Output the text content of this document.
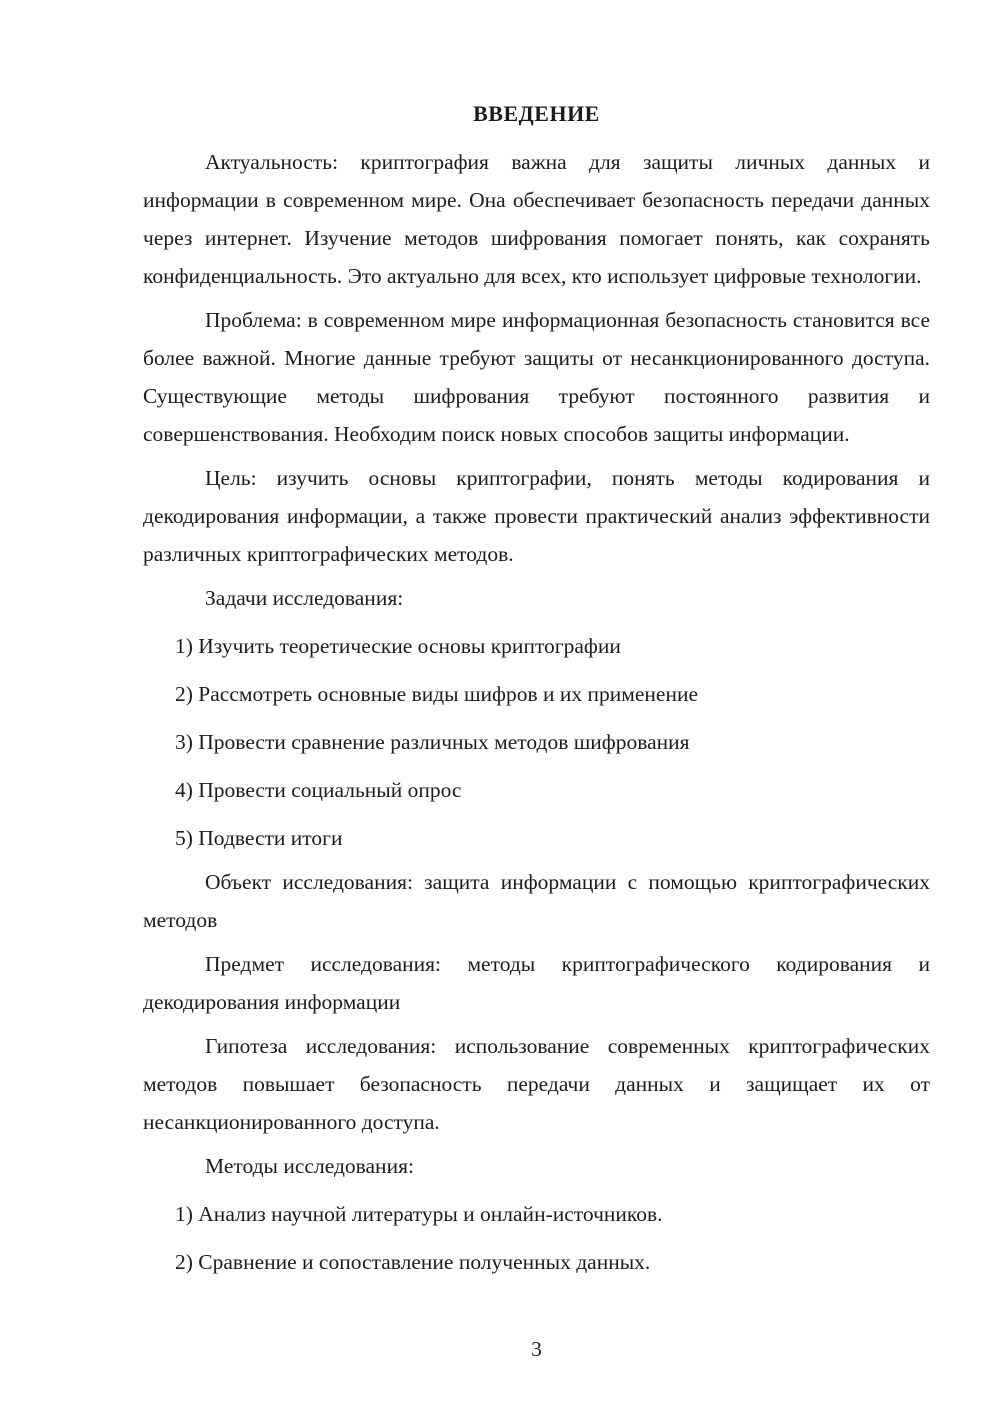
ВВЕДЕНИЕ

Актуальность: криптография важна для защиты личных данных и информации в современном мире. Она обеспечивает безопасность передачи данных через интернет. Изучение методов шифрования помогает понять, как сохранять конфиденциальность. Это актуально для всех, кто использует цифровые технологии.

Проблема: в современном мире информационная безопасность становится все более важной. Многие данные требуют защиты от несанкционированного доступа. Существующие методы шифрования требуют постоянного развития и совершенствования. Необходим поиск новых способов защиты информации.

Цель: изучить основы криптографии, понять методы кодирования и декодирования информации, а также провести практический анализ эффективности различных криптографических методов.

Задачи исследования:

1) Изучить теоретические основы криптографии
2) Рассмотреть основные виды шифров и их применение
3) Провести сравнение различных методов шифрования
4) Провести социальный опрос
5) Подвести итоги

Объект исследования: защита информации с помощью криптографических методов

Предмет исследования: методы криптографического кодирования и декодирования информации

Гипотеза исследования: использование современных криптографических методов повышает безопасность передачи данных и защищает их от несанкционированного доступа.

Методы исследования:

1) Анализ научной литературы и онлайн-источников.
2) Сравнение и сопоставление полученных данных.
3
